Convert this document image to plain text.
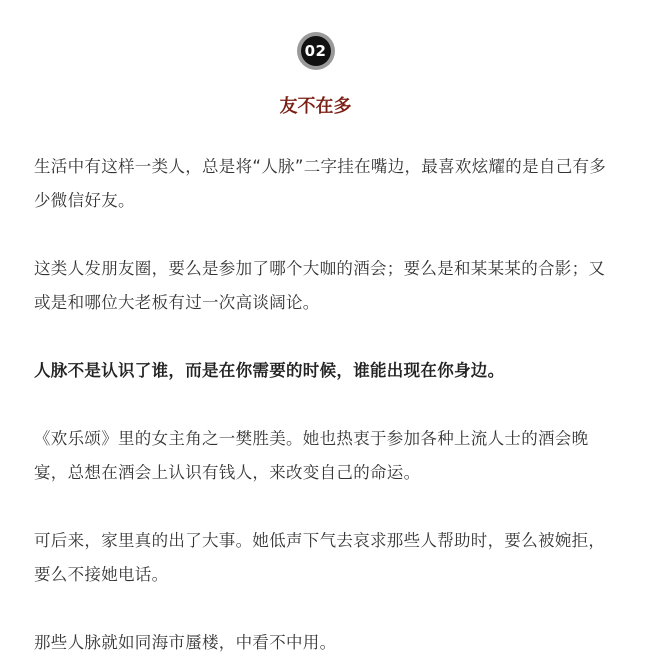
02
友不在多

生活中有这样一类人，总是将“人脉”二字挂在嘴边，最喜欢炫耀的是自己有多少微信好友。

这类人发朋友圈，要么是参加了哪个大咖的酒会；要么是和某某某的合影；又或是和哪位大老板有过一次高谈阔论。

人脉不是认识了谁，而是在你需要的时候，谁能出现在你身边。

《欢乐颂》里的女主角之一樊胜美。她也热衷于参加各种上流人士的酒会晚宴，总想在酒会上认识有钱人，来改变自己的命运。

可后来，家里真的出了大事。她低声下气去哀求那些人帮助时，要么被婉拒，要么不接她电话。

那些人脉就如同海市蜃楼，中看不中用。
